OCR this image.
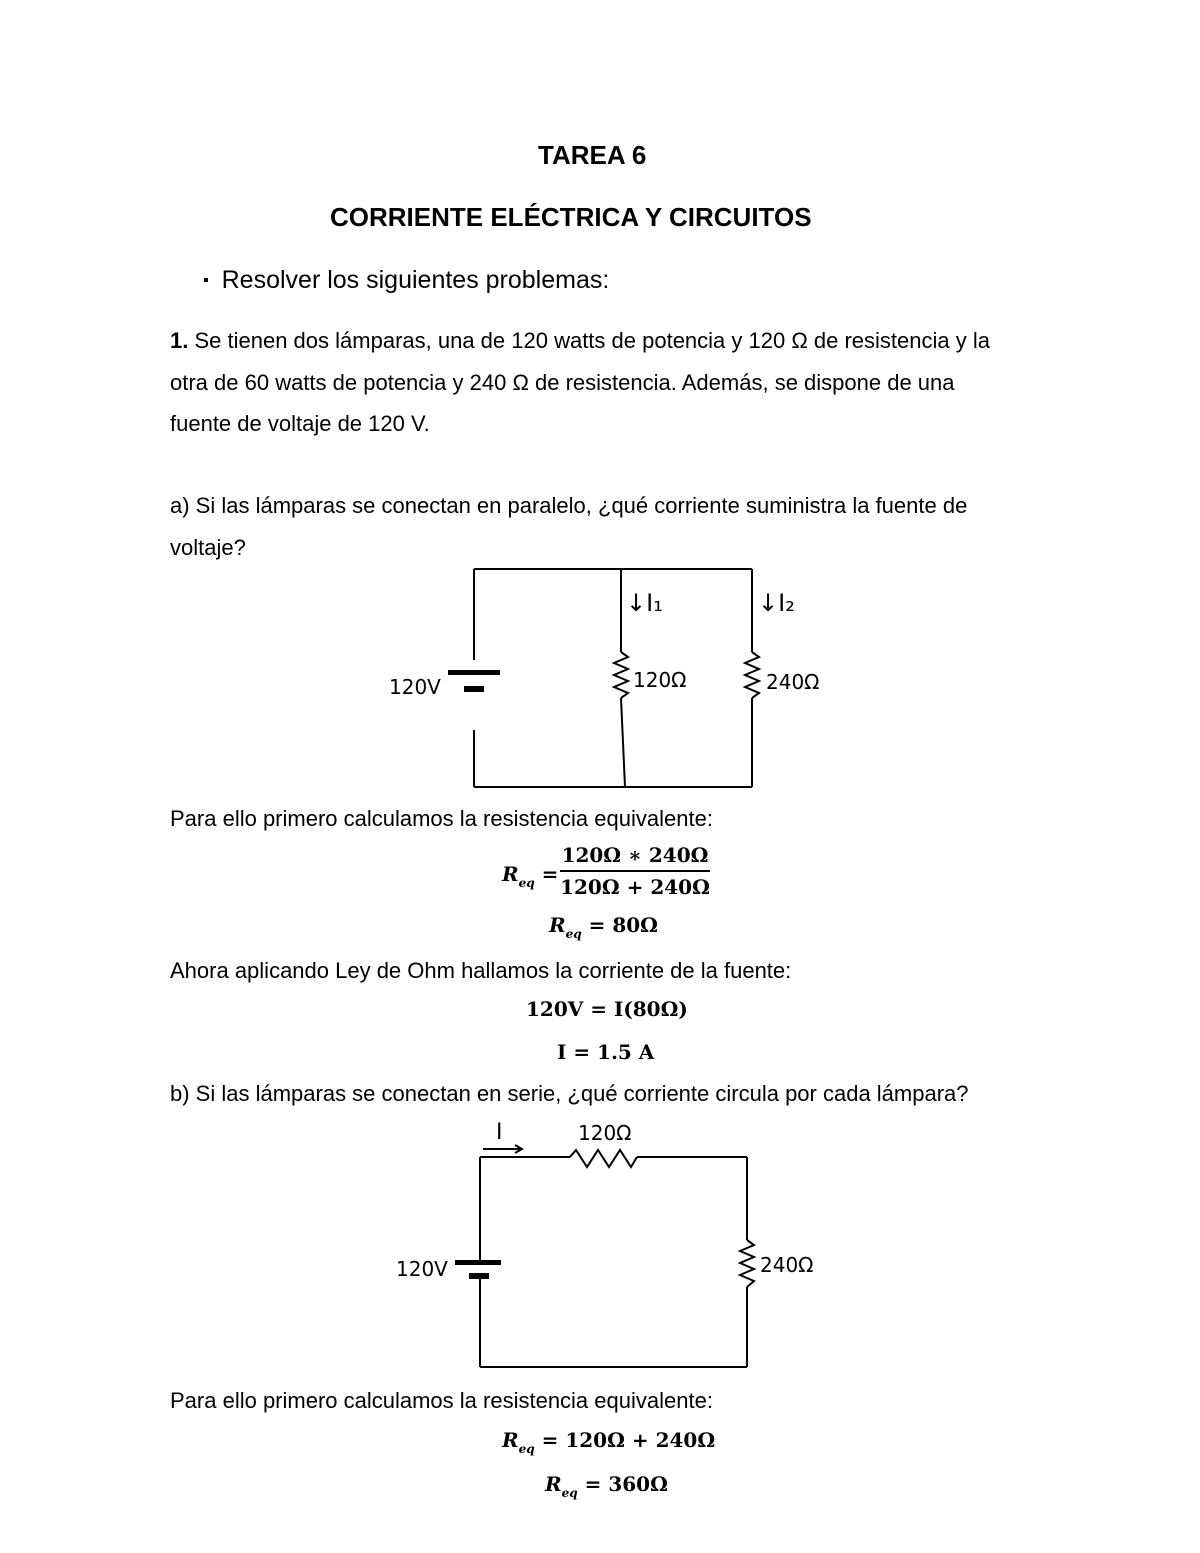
TAREA 6
CORRIENTE ELÉCTRICA Y CIRCUITOS
▪ Resolver los siguientes problemas:
1. Se tienen dos lámparas, una de 120 watts de potencia y 120 Ω de resistencia y la
otra de 60 watts de potencia y 240 Ω de resistencia. Además, se dispone de una
fuente de voltaje de 120 V.
a) Si las lámparas se conectan en paralelo, ¿qué corriente suministra la fuente de
voltaje?
120V	120Ω	240Ω
↓I₁	↓I₂
Para ello primero calculamos la resistencia equivalente:
$R_{eq}$ =
120Ω ∗ 240Ω
120Ω + 240Ω
$R_{eq} = 80\Omega$
Ahora aplicando Ley de Ohm hallamos la corriente de la fuente:
120V = I(80Ω)
I = 1.5 A
b) Si las lámparas se conectan en serie, ¿qué corriente circula por cada lámpara?
I	120Ω
240Ω
120V
Para ello primero calculamos la resistencia equivalente:
$R_{eq} = 120\Omega + 240\Omega$
$R_{eq} = 360\Omega$
